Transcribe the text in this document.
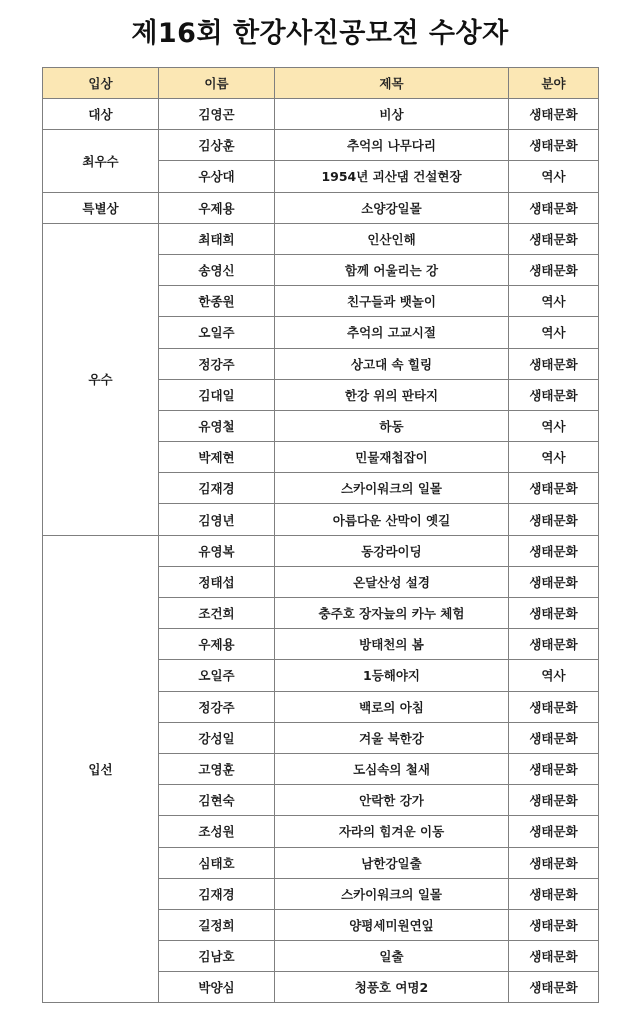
제16회 한강사진공모전 수상자
입상	이름	제목	분야
대상	김영곤	비상	생태문화
최우수	김상훈	추억의 나무다리	생태문화
	우상대	1954년 괴산댐 건설현장	역사
특별상	우제용	소양강일몰	생태문화
우수	최태희	인산인해	생태문화
	송영신	함께 어울리는 강	생태문화
	한종원	친구들과 뱃놀이	역사
	오일주	추억의 고교시절	역사
	정강주	상고대 속 힐링	생태문화
	김대일	한강 위의 판타지	생태문화
	유영철	하동	역사
	박제현	민물재첩잡이	역사
	김재경	스카이워크의 일몰	생태문화
	김영년	아름다운 산막이 옛길	생태문화
입선	유영복	동강라이딩	생태문화
	정태섭	온달산성 설경	생태문화
	조건희	충주호 장자늪의 카누 체험	생태문화
	우제용	방태천의 봄	생태문화
	오일주	1등해야지	역사
	정강주	백로의 아침	생태문화
	강성일	겨울 북한강	생태문화
	고영훈	도심속의 철새	생태문화
	김현숙	안락한 강가	생태문화
	조성원	자라의 힘겨운 이동	생태문화
	심태호	남한강일출	생태문화
	김재경	스카이워크의 일몰	생태문화
	길정희	양평세미원연잎	생태문화
	김남호	일출	생태문화
	박양심	청풍호 여명2	생태문화
